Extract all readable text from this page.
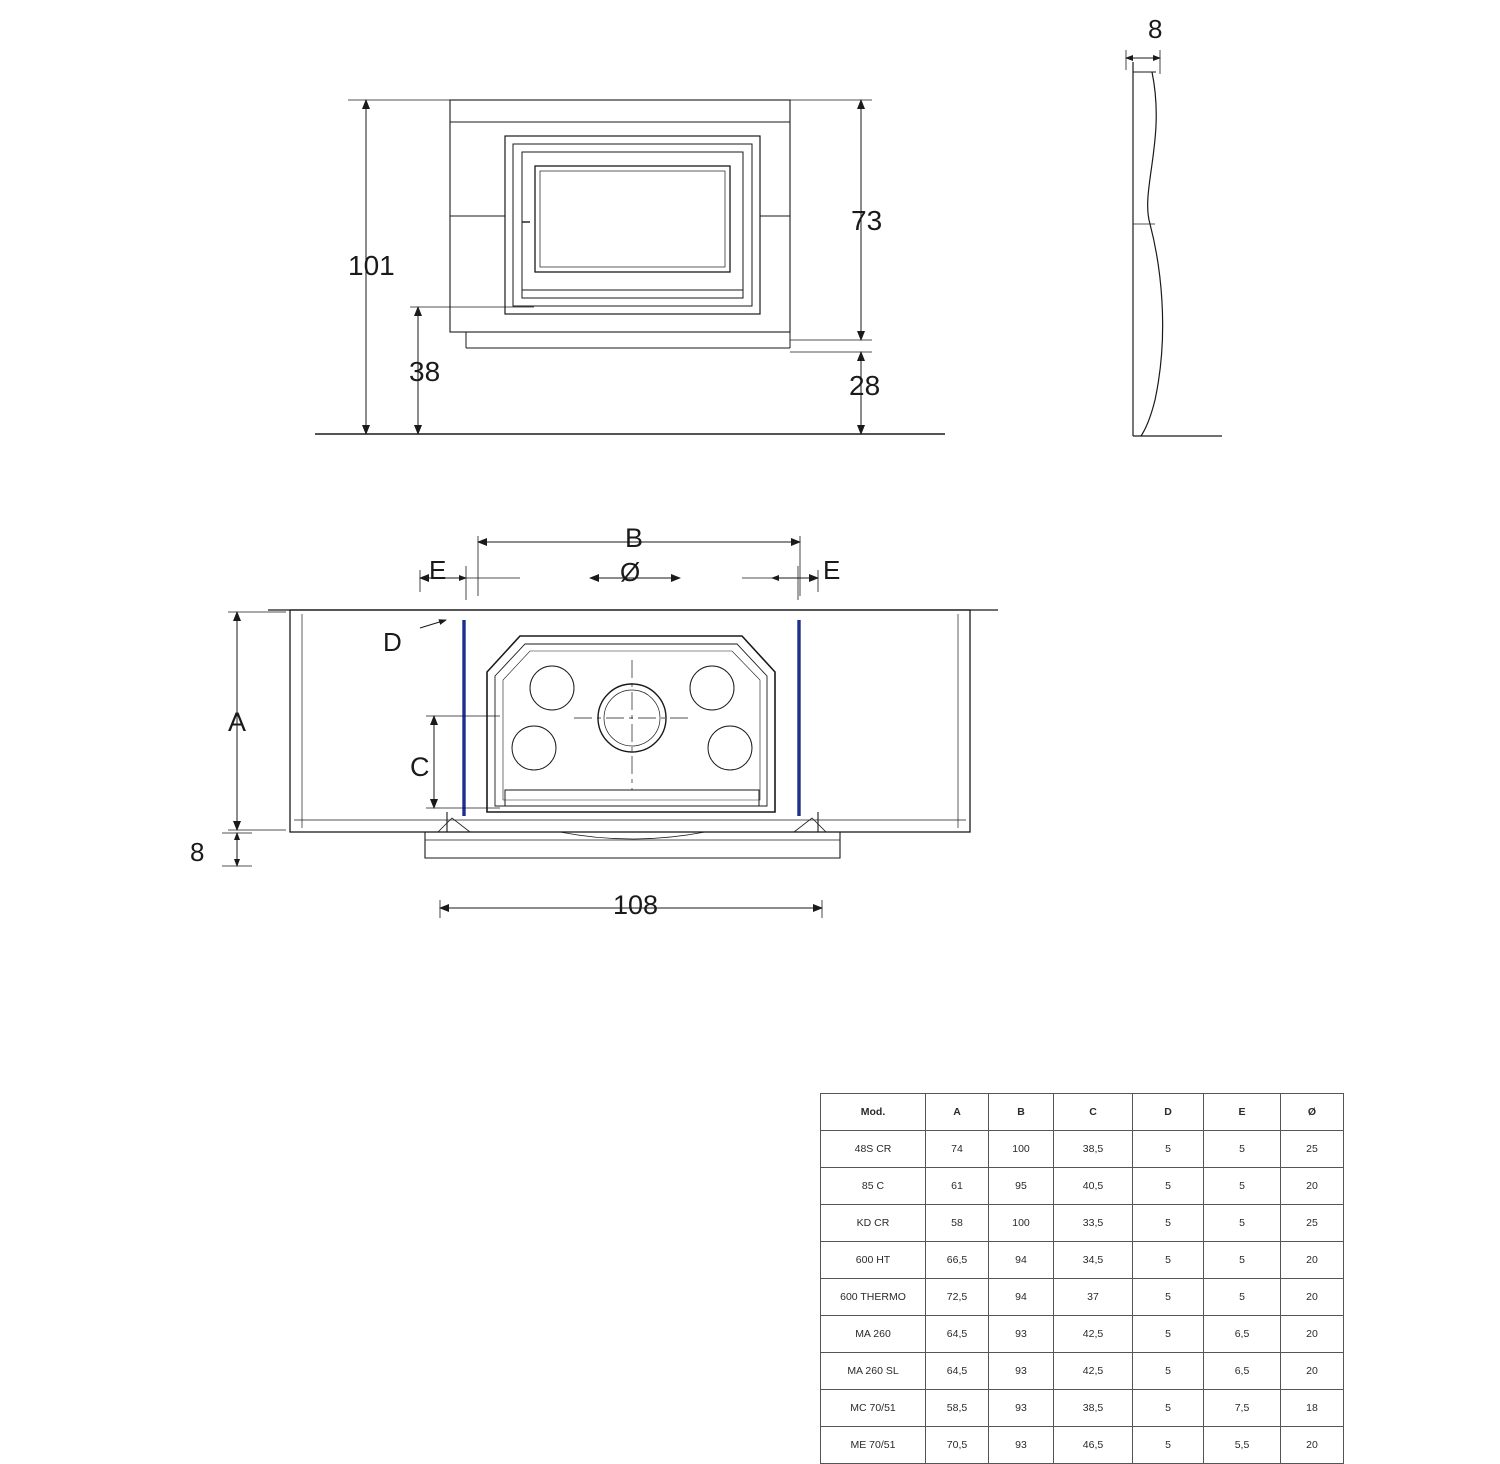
101
73
38	28
8
A
B
C
D
E	E
Ø
108
8
Mod.	A	B	C	D	E	Ø
48S CR	74	100	38,5	5	5	25
85 C	61	95	40,5	5	5	20
KD CR	58	100	33,5	5	5	25
600 HT	66,5	94	34,5	5	5	20
600 THERMO	72,5	94	37	5	5	20
MA 260	64,5	93	42,5	5	6,5	20
MA 260 SL	64,5	93	42,5	5	6,5	20
MC 70/51	58,5	93	38,5	5	7,5	18
ME 70/51	70,5	93	46,5	5	5,5	20
